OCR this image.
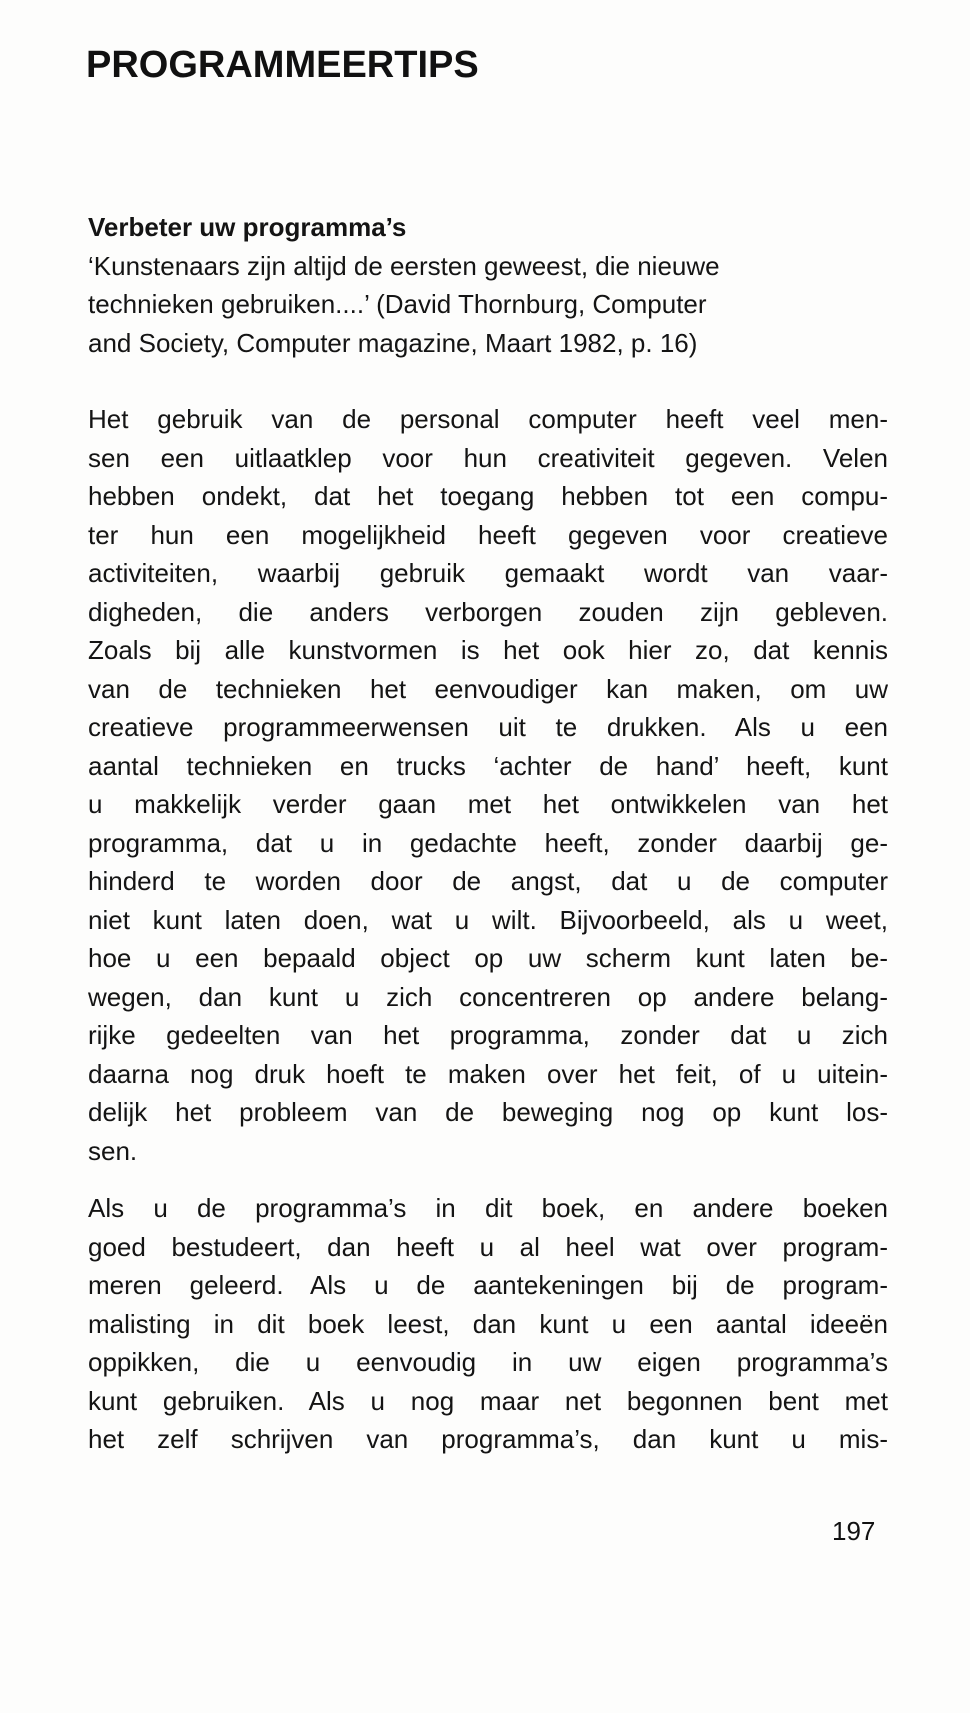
PROGRAMMEERTIPS
Verbeter uw programma’s
‘Kunstenaars zijn altijd de eersten geweest, die nieuwe
technieken gebruiken....’ (David Thornburg, Computer
and Society, Computer magazine, Maart 1982, p. 16)
Het gebruik van de personal computer heeft veel men-
sen een uitlaatklep voor hun creativiteit gegeven. Velen
hebben ondekt, dat het toegang hebben tot een compu-
ter hun een mogelijkheid heeft gegeven voor creatieve
activiteiten, waarbij gebruik gemaakt wordt van vaar-
digheden, die anders verborgen zouden zijn gebleven.
Zoals bij alle kunstvormen is het ook hier zo, dat kennis
van de technieken het eenvoudiger kan maken, om uw
creatieve programmeerwensen uit te drukken. Als u een
aantal technieken en trucks ‘achter de hand’ heeft, kunt
u makkelijk verder gaan met het ontwikkelen van het
programma, dat u in gedachte heeft, zonder daarbij ge-
hinderd te worden door de angst, dat u de computer
niet kunt laten doen, wat u wilt. Bijvoorbeeld, als u weet,
hoe u een bepaald object op uw scherm kunt laten be-
wegen, dan kunt u zich concentreren op andere belang-
rijke gedeelten van het programma, zonder dat u zich
daarna nog druk hoeft te maken over het feit, of u uitein-
delijk het probleem van de beweging nog op kunt los-
sen.
Als u de programma’s in dit boek, en andere boeken
goed bestudeert, dan heeft u al heel wat over program-
meren geleerd. Als u de aantekeningen bij de program-
malisting in dit boek leest, dan kunt u een aantal ideeën
oppikken, die u eenvoudig in uw eigen programma’s
kunt gebruiken. Als u nog maar net begonnen bent met
het zelf schrijven van programma’s, dan kunt u mis-
197
